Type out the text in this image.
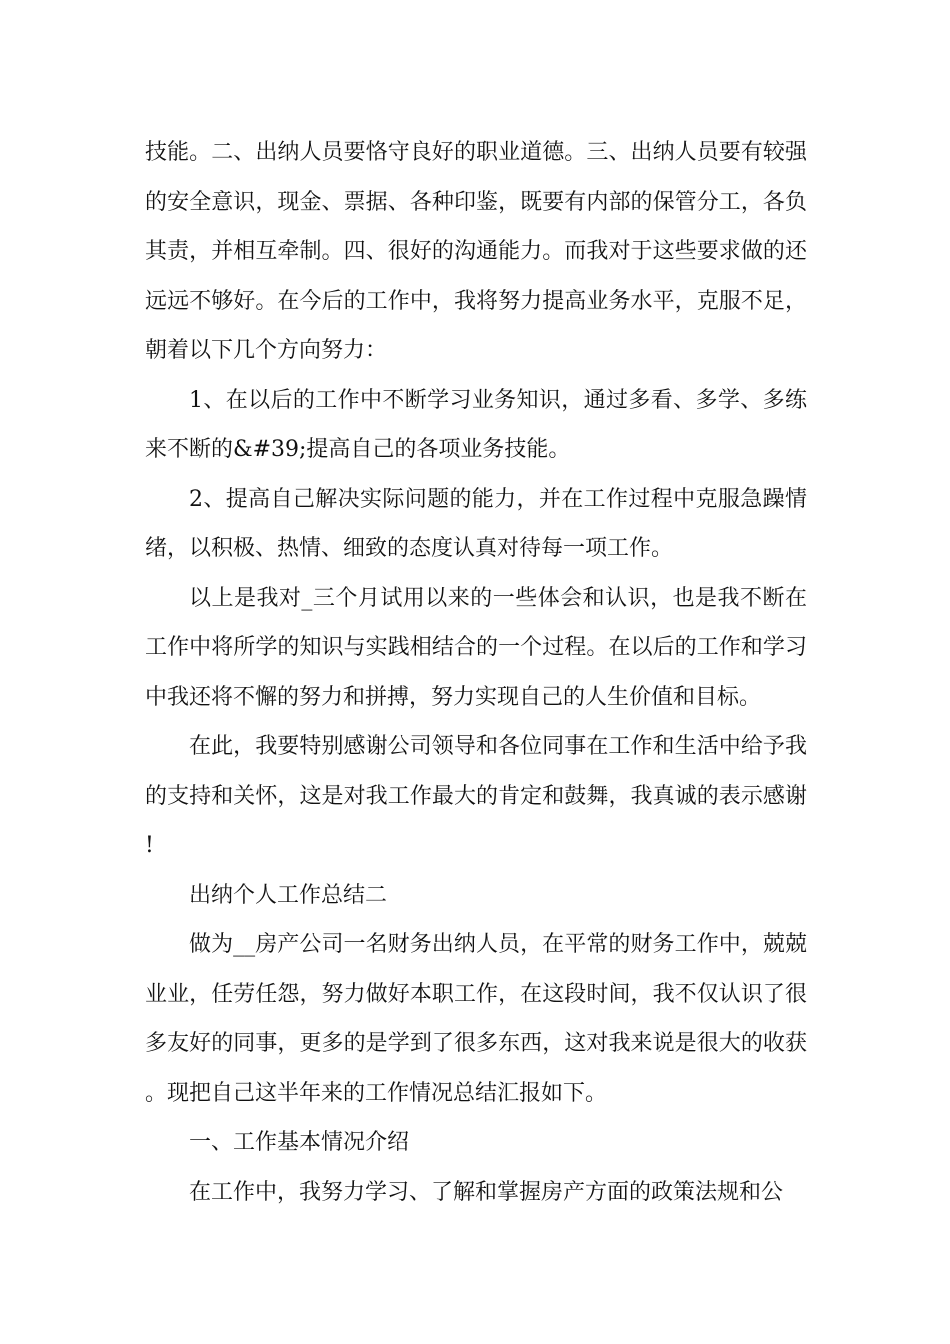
技能。二、出纳人员要恪守良好的职业道德。三、出纳人员要有较强的安全意识，现金、票据、各种印鉴，既要有内部的保管分工，各负其责，并相互牵制。四、很好的沟通能力。而我对于这些要求做的还远远不够好。在今后的工作中，我将努力提高业务水平，克服不足，朝着以下几个方向努力：

1、在以后的工作中不断学习业务知识，通过多看、多学、多练来不断的&#39;提高自己的各项业务技能。

2、提高自己解决实际问题的能力，并在工作过程中克服急躁情绪，以积极、热情、细致的态度认真对待每一项工作。

以上是我对_三个月试用以来的一些体会和认识，也是我不断在工作中将所学的知识与实践相结合的一个过程。在以后的工作和学习中我还将不懈的努力和拼搏，努力实现自己的人生价值和目标。

在此，我要特别感谢公司领导和各位同事在工作和生活中给予我的支持和关怀，这是对我工作最大的肯定和鼓舞，我真诚的表示感谢!

出纳个人工作总结二

做为__房产公司一名财务出纳人员，在平常的财务工作中，兢兢业业，任劳任怨，努力做好本职工作，在这段时间，我不仅认识了很多友好的同事，更多的是学到了很多东西，这对我来说是很大的收获。现把自己这半年来的工作情况总结汇报如下。

一、工作基本情况介绍

在工作中，我努力学习、了解和掌握房产方面的政策法规和公
